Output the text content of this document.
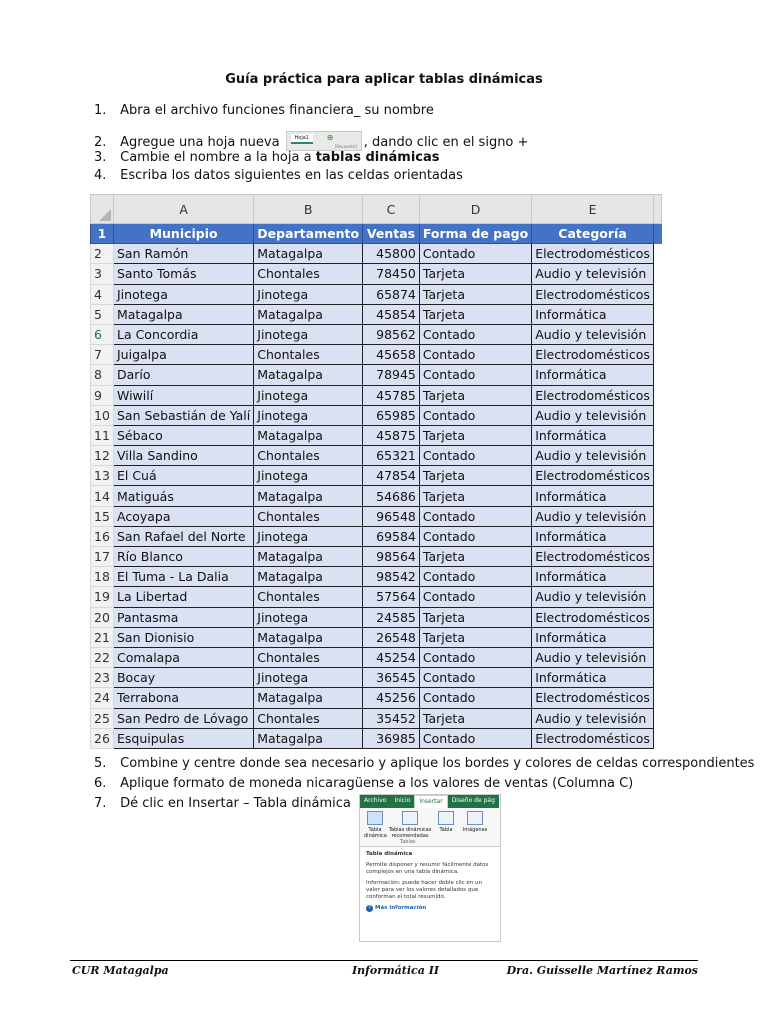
Guía práctica para aplicar tablas dinámicas
1. Abra el archivo funciones financiera_ su nombre
2. Agregue una hoja nueva	Hoja1	⊕
[Recuento] , dando clic en el signo +
3. Cambie el nombre a la hoja a tablas dinámicas
4. Escriba los datos siguientes en las celdas orientadas
	A	B	C	D	E	
1	Municipio	Departamento	Ventas	Forma de pago	Categoría	
2	San Ramón	Matagalpa	45800	Contado	Electrodomésticos	
3	Santo Tomás	Chontales	78450	Tarjeta	Audio y televisión	
4	Jinotega	Jinotega	65874	Tarjeta	Electrodomésticos	
5	Matagalpa	Matagalpa	45854	Tarjeta	Informática	
6	La Concordia	Jinotega	98562	Contado	Audio y televisión	
7	Juigalpa	Chontales	45658	Contado	Electrodomésticos	
8	Darío	Matagalpa	78945	Contado	Informática	
9	Wiwilí	Jinotega	45785	Tarjeta	Electrodomésticos	
10	San Sebastián de Yalí	Jinotega	65985	Contado	Audio y televisión	
11	Sébaco	Matagalpa	45875	Tarjeta	Informática	
12	Villa Sandino	Chontales	65321	Contado	Audio y televisión	
13	El Cuá	Jinotega	47854	Tarjeta	Electrodomésticos	
14	Matiguás	Matagalpa	54686	Tarjeta	Informática	
15	Acoyapa	Chontales	96548	Contado	Audio y televisión	
16	San Rafael del Norte	Jinotega	69584	Contado	Informática	
17	Río Blanco	Matagalpa	98564	Tarjeta	Electrodomésticos	
18	El Tuma - La Dalia	Matagalpa	98542	Contado	Informática	
19	La Libertad	Chontales	57564	Contado	Audio y televisión	
20	Pantasma	Jinotega	24585	Tarjeta	Electrodomésticos	
21	San Dionisio	Matagalpa	26548	Tarjeta	Informática	
22	Comalapa	Chontales	45254	Contado	Audio y televisión	
23	Bocay	Jinotega	36545	Contado	Informática	
24	Terrabona	Matagalpa	45256	Contado	Electrodomésticos	
25	San Pedro de Lóvago	Chontales	35452	Tarjeta	Audio y televisión	
26	Esquipulas	Matagalpa	36985	Contado	Electrodomésticos	
5. Combine y centre donde sea necesario y aplique los bordes y colores de celdas correspondientes
6. Aplique formato de moneda nicaragüense a los valores de ventas (Columna C)
7. Dé clic en Insertar – Tabla dinámica	Archivo	Inicio	Insertar	Diseño de pág
Tabla dinámica
Tablas dinámicas recomendadas
Tabla	Imágenes
Tablas
Tabla dinámica

Permite disponer y resumir fácilmente datos complejos en una tabla dinámica.

Información: puede hacer doble clic en un valor para ver los valores detallados que conforman el total resumido.

? Más información
CUR Matagalpa	Informática II	Dra. Guisselle Martínez Ramos
